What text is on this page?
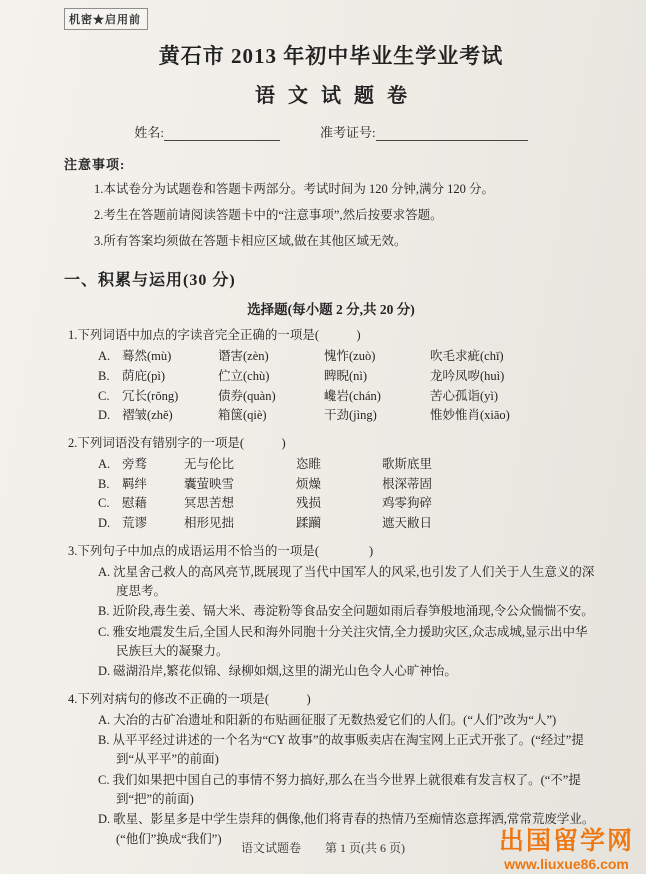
机密★启用前
黄石市 2013 年初中毕业生学业考试
语文试题卷
姓名:	准考证号:
注意事项:
1.本试卷分为试题卷和答题卡两部分。考试时间为 120 分钟,满分 120 分。
2.考生在答题前请阅读答题卡中的“注意事项”,然后按要求答题。
3.所有答案均须做在答题卡相应区域,做在其他区域无效。
一、积累与运用(30 分)
选择题(每小题 2 分,共 20 分)
1.下列词语中加点的字读音完全正确的一项是(　　　)
A. 蓦然(mù)	谮害(zèn)	愧怍(zuò)	吹毛求疵(chī)
B.	荫庇(pì)	伫立(chù)	睥睨(nì)	龙吟凤哕(huì)
C.	冗长(rǒng)	债券(quàn)	巉岩(chán)	苦心孤诣(yì)
D. 褶皱(zhě)	箱箧(qiè)	干劲(jìng)	惟妙惟肖(xiāo)
2.下列词语没有错别字的一项是(　　　)
A. 旁骛	无与伦比	恣睢	歌斯底里
B.	羁绊	囊萤映雪	烦燥	根深蒂固
C.	慰藉	冥思苦想	残损	鸡零狗碎
D. 荒谬	相形见拙	蹂躏	遮天敝日
3.下列句子中加点的成语运用不恰当的一项是(　　　　)
A. 沈星舍己救人的高风亮节,既展现了当代中国军人的风采,也引发了人们关于人生意义的深度思考。
B. 近阶段,毒生姜、镉大米、毒淀粉等食品安全问题如雨后春笋般地涌现,令公众惴惴不安。
C. 雅安地震发生后,全国人民和海外同胞十分关注灾情,全力援助灾区,众志成城,显示出中华民族巨大的凝聚力。
D. 磁湖沿岸,繁花似锦、绿柳如烟,这里的湖光山色令人心旷神怡。
4.下列对病句的修改不正确的一项是(　　　)
A. 大冶的古矿冶遗址和阳新的布贴画征服了无数热爱它们的人们。(“人们”改为“人”)
B. 从平平经过讲述的一个名为“CY 故事”的故事贩卖店在淘宝网上正式开张了。(“经过”提到“从平平”的前面)
C. 我们如果把中国自己的事情不努力搞好,那么在当今世界上就很难有发言权了。(“不”提到“把”的前面)
D. 歌星、影星多是中学生崇拜的偶像,他们将青春的热情乃至痴情恣意挥洒,常常荒废学业。(“他们”换成“我们”)
语文试题卷　　第 1 页(共 6 页)	出国留学网
www.liuxue86.com
